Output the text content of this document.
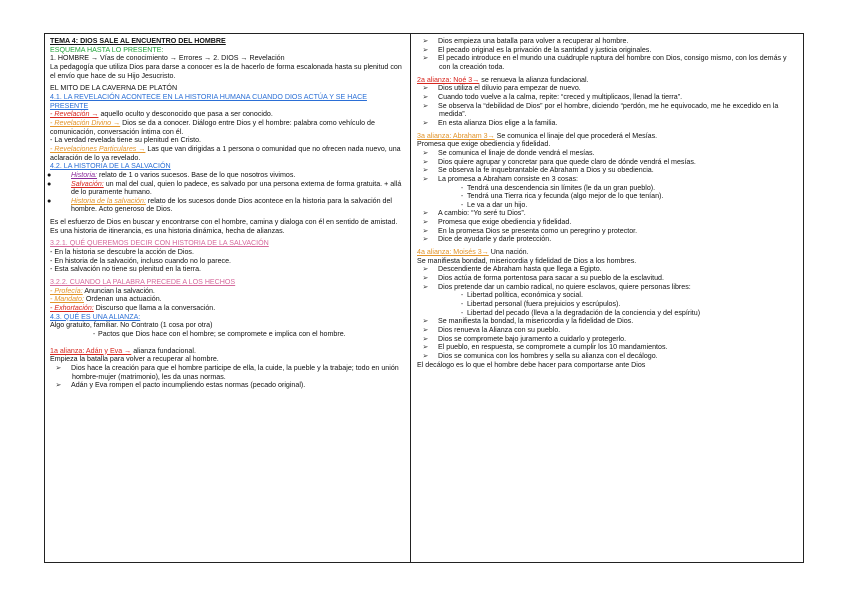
TEMA 4: DIOS SALE AL ENCUENTRO DEL HOMBRE
ESQUEMA HASTA LO PRESENTE:
1. HOMBRE → Vías de conocimiento → Errores → 2. DIOS → Revelación
La pedagogía que utiliza Dios para darse a conocer es la de hacerlo de forma escalonada hasta su plenitud con el envío que hace de su Hijo Jesucristo.
EL MITO DE LA CAVERNA DE PLATÓN
4.1. LA REVELACIÓN ACONTECE EN LA HISTORIA HUMANA CUANDO DIOS ACTÚA Y SE HACE PRESENTE
- Revelación → aquello oculto y desconocido que pasa a ser conocido.
- Revelación Divino → Dios se da a conocer. Diálogo entre Dios y el hombre: palabra como vehículo de comunicación, conversación íntima con él.
- La verdad revelada tiene su plenitud en Cristo.
- Revelaciones Particulares → Las que van dirigidas a 1 persona o comunidad que no ofrecen nada nuevo, una aclaración de lo ya revelado.
4.2. LA HISTORIA DE LA SALVACIÓN
●	Historia: relato de 1 o varios sucesos. Base de lo que nosotros vivimos.
●	Salvación: un mal del cual, quien lo padece, es salvado por una persona externa de forma gratuita. + allá de lo puramente humano.
●	Historia de la salvación: relato de los sucesos donde Dios acontece en la historia para la salvación del hombre. Acto generoso de Dios.
Es el esfuerzo de Dios en buscar y encontrarse con el hombre, camina y dialoga con él en sentido de amistad.
Es una historia de itinerancia, es una historia dinámica, hecha de alianzas.
3.2.1. QUÉ QUEREMOS DECIR CON HISTORIA DE LA SALVACIÓN
- En la historia se descubre la acción de Dios.
- En historia de la salvación, incluso cuando no lo parece.
- Esta salvación no tiene su plenitud en la tierra.
3.2.2. CUANDO LA PALABRA PRECEDE A LOS HECHOS
- Profecía: Anuncian la salvación.
- Mandato: Ordenan una actuación.
- Exhortación: Discurso que llama a la conversación.
4.3. QUÉ ES UNA ALIANZA:
Algo gratuito, familiar. No Contrato (1 cosa por otra)
- Pactos que Dios hace con el hombre; se compromete e implica con el hombre.
1a alianza: Adán y Eva → alianza fundacional.
Empieza la batalla para volver a recuperar al hombre.
➢ Dios hace la creación para que el hombre participe de ella, la cuide, la pueble y la trabaje; todo en unión hombre-mujer (matrimonio), les da unas normas.
➢ Adán y Eva rompen el pacto incumpliendo estas normas (pecado original).
➢ Dios empieza una batalla para volver a recuperar al hombre.
➢ El pecado original es la privación de la santidad y justicia originales.
➢ El pecado introduce en el mundo una cuádruple ruptura del hombre con Dios, consigo mismo, con los demás y con la creación toda.
2a alianza: Noé 3→ se renueva la alianza fundacional.
➢ Dios utiliza el diluvio para empezar de nuevo.
➢ Cuando todo vuelve a la calma, repite: “creced y multiplicaos, llenad la tierra”.
➢ Se observa la “debilidad de Dios” por el hombre, diciendo “perdón, me he equivocado, me he excedido en la medida”.
➢ En esta alianza Dios elige a la familia.
3a alianza: Abraham 3→ Se comunica el linaje del que procederá el Mesías.
Promesa que exige obediencia y fidelidad.
➢ Se comunica el linaje de donde vendrá el mesías.
➢ Dios quiere agrupar y concretar para que quede claro de dónde vendrá el mesías.
➢ Se observa la fe inquebrantable de Abraham a Dios y su obediencia.
➢ La promesa a Abraham consiste en 3 cosas:
- Tendrá una descendencia sin límites (le da un gran pueblo).
- Tendrá una Tierra rica y fecunda (algo mejor de lo que tenían).
- Le va a dar un hijo.
➢ A cambio: “Yo seré tu Dios”.
➢ Promesa que exige obediencia y fidelidad.
➢ En la promesa Dios se presenta como un peregrino y protector.
➢ Dice de ayudarle y darle protección.
4a alianza: Moisés 3→ Una nación.
Se manifiesta bondad, misericordia y fidelidad de Dios a los hombres.
➢ Descendiente de Abraham hasta que llega a Egipto.
➢ Dios actúa de forma portentosa para sacar a su pueblo de la esclavitud.
➢ Dios pretende dar un cambio radical, no quiere esclavos, quiere personas libres:
- Libertad política, económica y social.
- Libertad personal (fuera prejuicios y escrúpulos).
- Libertad del pecado (lleva a la degradación de la conciencia y del espíritu)
➢ Se manifiesta la bondad, la misericordia y la fidelidad de Dios.
➢ Dios renueva la Alianza con su pueblo.
➢ Dios se compromete bajo juramento a cuidarlo y protegerlo.
➢ El pueblo, en respuesta, se compromete a cumplir los 10 mandamientos.
➢ Dios se comunica con los hombres y sella su alianza con el decálogo.
El decálogo es lo que el hombre debe hacer para comportarse ante Dios
